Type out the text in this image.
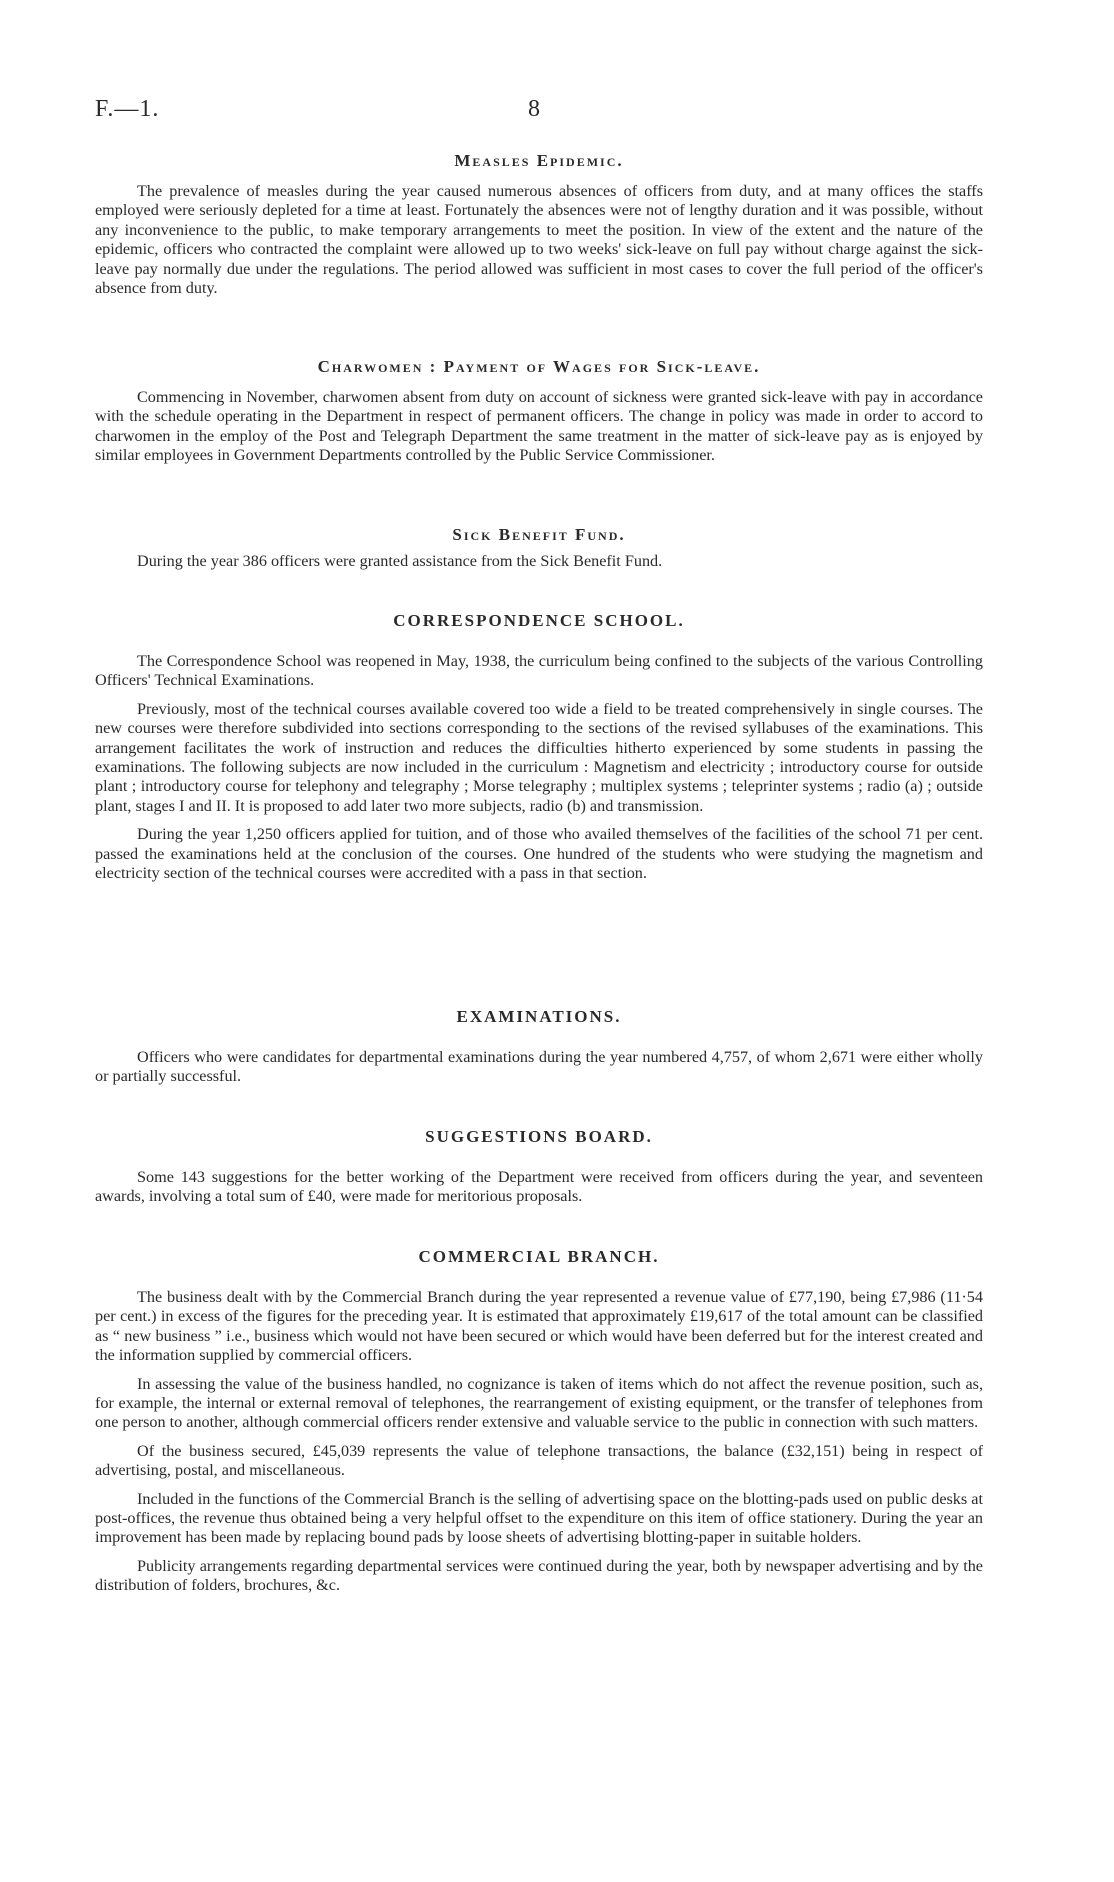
F.—1.	8
Measles Epidemic.

The prevalence of measles during the year caused numerous absences of officers from duty, and at many offices the staffs employed were seriously depleted for a time at least. Fortunately the absences were not of lengthy duration and it was possible, without any inconvenience to the public, to make temporary arrangements to meet the position. In view of the extent and the nature of the epidemic, officers who contracted the complaint were allowed up to two weeks' sick-leave on full pay without charge against the sick-leave pay normally due under the regulations. The period allowed was sufficient in most cases to cover the full period of the officer's absence from duty.

Charwomen : Payment of Wages for Sick-leave.

Commencing in November, charwomen absent from duty on account of sickness were granted sick-leave with pay in accordance with the schedule operating in the Department in respect of permanent officers. The change in policy was made in order to accord to charwomen in the employ of the Post and Telegraph Department the same treatment in the matter of sick-leave pay as is enjoyed by similar employees in Government Departments controlled by the Public Service Commissioner.

Sick Benefit Fund.

During the year 386 officers were granted assistance from the Sick Benefit Fund.

CORRESPONDENCE SCHOOL.

The Correspondence School was reopened in May, 1938, the curriculum being confined to the subjects of the various Controlling Officers' Technical Examinations.

Previously, most of the technical courses available covered too wide a field to be treated comprehensively in single courses. The new courses were therefore subdivided into sections corresponding to the sections of the revised syllabuses of the examinations. This arrangement facilitates the work of instruction and reduces the difficulties hitherto experienced by some students in passing the examinations. The following subjects are now included in the curriculum : Magnetism and electricity ; introductory course for outside plant ; introductory course for telephony and telegraphy ; Morse telegraphy ; multiplex systems ; teleprinter systems ; radio (a) ; outside plant, stages I and II. It is proposed to add later two more subjects, radio (b) and transmission.

During the year 1,250 officers applied for tuition, and of those who availed themselves of the facilities of the school 71 per cent. passed the examinations held at the conclusion of the courses. One hundred of the students who were studying the magnetism and electricity section of the technical courses were accredited with a pass in that section.

EXAMINATIONS.

Officers who were candidates for departmental examinations during the year numbered 4,757, of whom 2,671 were either wholly or partially successful.

SUGGESTIONS BOARD.

Some 143 suggestions for the better working of the Department were received from officers during the year, and seventeen awards, involving a total sum of £40, were made for meritorious proposals.

COMMERCIAL BRANCH.

The business dealt with by the Commercial Branch during the year represented a revenue value of £77,190, being £7,986 (11·54 per cent.) in excess of the figures for the preceding year. It is estimated that approximately £19,617 of the total amount can be classified as “ new business ” i.e., business which would not have been secured or which would have been deferred but for the interest created and the information supplied by commercial officers.

In assessing the value of the business handled, no cognizance is taken of items which do not affect the revenue position, such as, for example, the internal or external removal of telephones, the rearrangement of existing equipment, or the transfer of telephones from one person to another, although commercial officers render extensive and valuable service to the public in connection with such matters.

Of the business secured, £45,039 represents the value of telephone transactions, the balance (£32,151) being in respect of advertising, postal, and miscellaneous.

Included in the functions of the Commercial Branch is the selling of advertising space on the blotting-pads used on public desks at post-offices, the revenue thus obtained being a very helpful offset to the expenditure on this item of office stationery. During the year an improvement has been made by replacing bound pads by loose sheets of advertising blotting-paper in suitable holders.

Publicity arrangements regarding departmental services were continued during the year, both by newspaper advertising and by the distribution of folders, brochures, &c.
